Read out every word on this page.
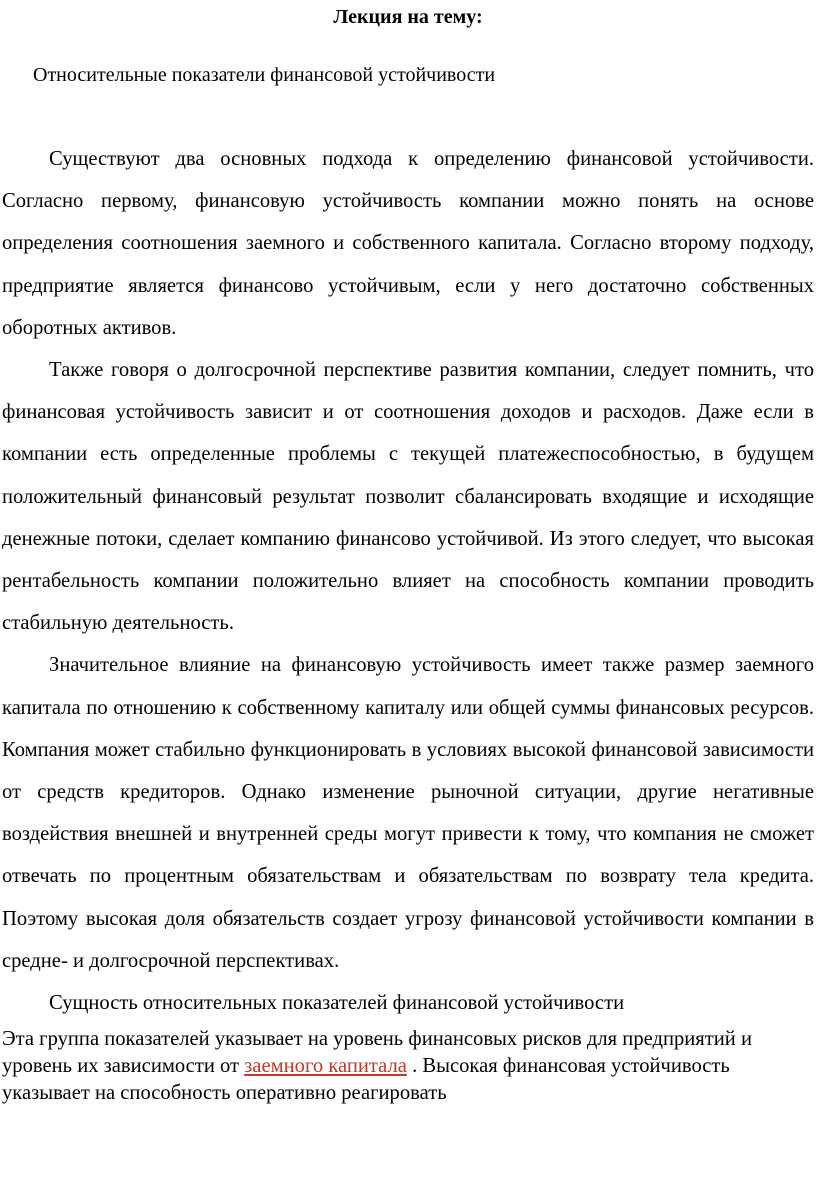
Лекция на тему:
Относительные показатели финансовой устойчивости

Существуют два основных подхода к определению финансовой устойчивости. Согласно первому, финансовую устойчивость компании можно понять на основе определения соотношения заемного и собственного капитала. Согласно второму подходу, предприятие является финансово устойчивым, если у него достаточно собственных оборотных активов.

Также говоря о долгосрочной перспективе развития компании, следует помнить, что финансовая устойчивость зависит и от соотношения доходов и расходов. Даже если в компании есть определенные проблемы с текущей платежеспособностью, в будущем положительный финансовый результат позволит сбалансировать входящие и исходящие денежные потоки, сделает компанию финансово устойчивой. Из этого следует, что высокая рентабельность компании положительно влияет на способность компании проводить стабильную деятельность.

Значительное влияние на финансовую устойчивость имеет также размер заемного капитала по отношению к собственному капиталу или общей суммы финансовых ресурсов. Компания может стабильно функционировать в условиях высокой финансовой зависимости от средств кредиторов. Однако изменение рыночной ситуации, другие негативные воздействия внешней и внутренней среды могут привести к тому, что компания не сможет отвечать по процентным обязательствам и обязательствам по возврату тела кредита. Поэтому высокая доля обязательств создает угрозу финансовой устойчивости компании в средне- и долгосрочной перспективах.

Сущность относительных показателей финансовой устойчивости

Эта группа показателей указывает на уровень финансовых рисков для предприятий и уровень их зависимости от заемного капитала . Высокая финансовая устойчивость указывает на способность оперативно реагировать
